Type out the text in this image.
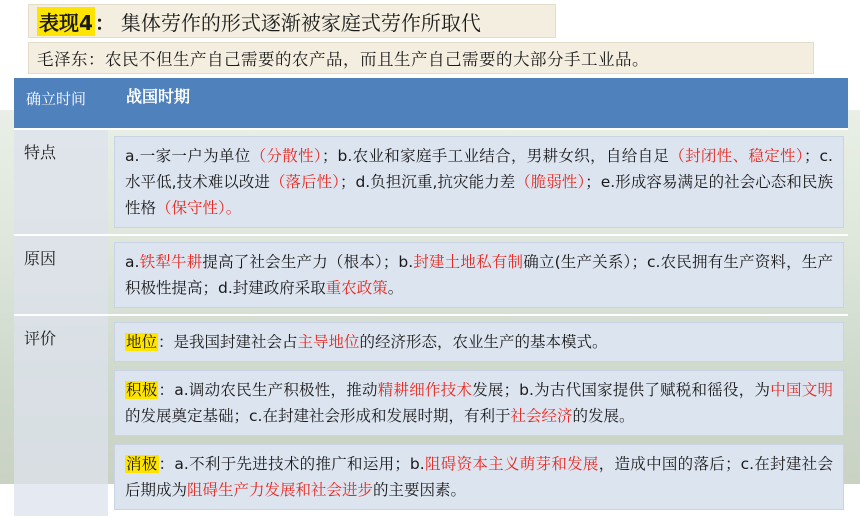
表现4 ： 集体劳作的形式逐渐被家庭式劳作所取代
毛泽东：农民不但生产自己需要的农产品，而且生产自己需要的大部分手工业品。
确立时间	战国时期
特点	a.一家一户为单位（分散性）；b.农业和家庭手工业结合，男耕女织，自给自足（封闭性、稳定性）；c.水平低,技术难以改进（落后性）；d.负担沉重,抗灾能力差（脆弱性）；e.形成容易满足的社会心态和民族性格（保守性）。

原因	a.铁犁牛耕提高了社会生产力（根本）；b.封建土地私有制确立(生产关系）；c.农民拥有生产资料，生产积极性提高；d.封建政府采取重农政策。

评价	地位：是我国封建社会占主导地位的经济形态，农业生产的基本模式。
积极：a.调动农民生产积极性，推动精耕细作技术发展；b.为古代国家提供了赋税和徭役，为中国文明的发展奠定基础；c.在封建社会形成和发展时期，有利于社会经济的发展。
消极：a.不利于先进技术的推广和运用；b.阻碍资本主义萌芽和发展，造成中国的落后；c.在封建社会后期成为阻碍生产力发展和社会进步的主要因素。
